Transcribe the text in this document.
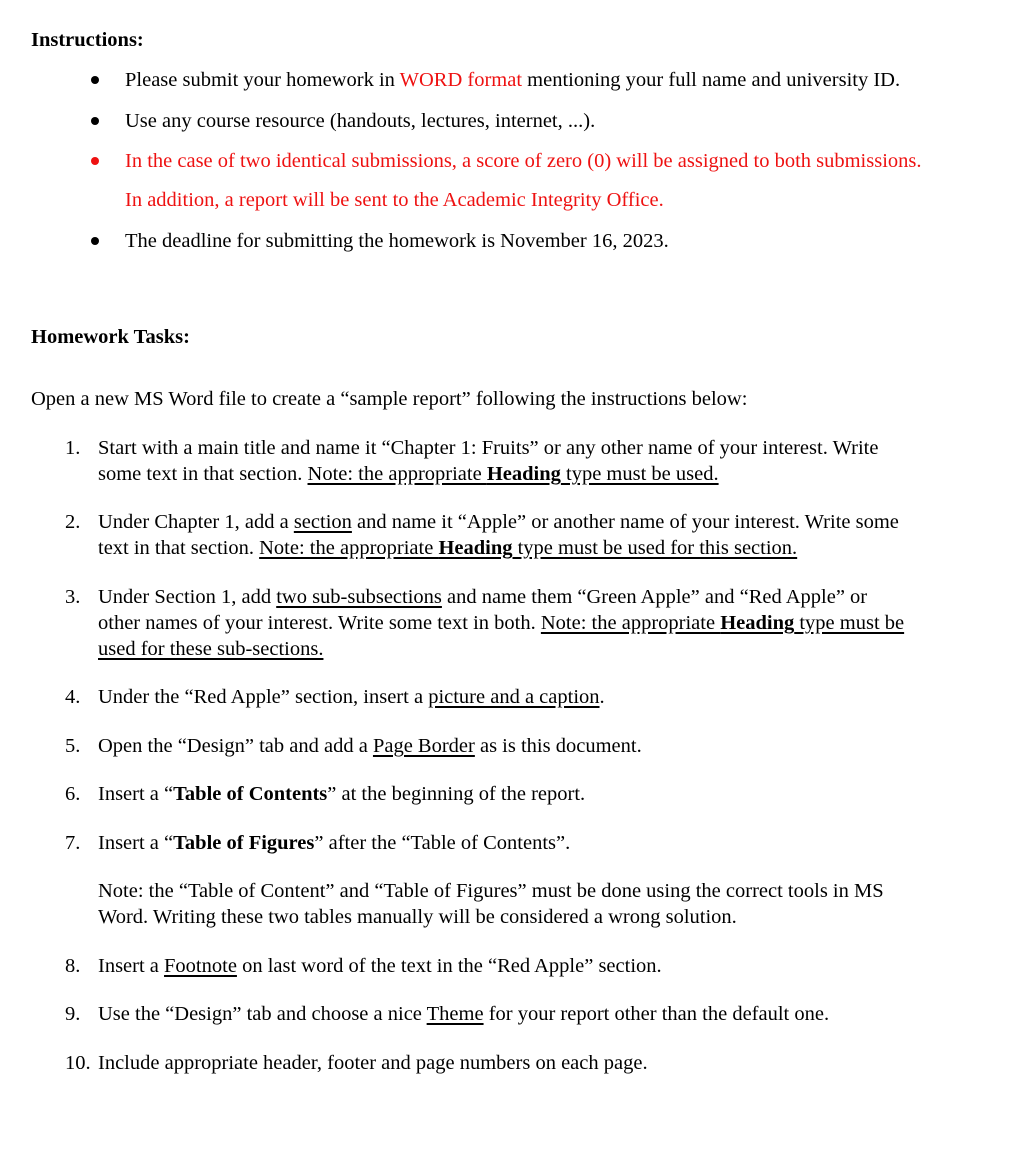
Instructions:
Please submit your homework in WORD format mentioning your full name and university ID.
Use any course resource (handouts, lectures, internet, ...).
In the case of two identical submissions, a score of zero (0) will be assigned to both submissions.
In addition, a report will be sent to the Academic Integrity Office.
The deadline for submitting the homework is November 16, 2023.
Homework Tasks:
Open a new MS Word file to create a “sample report” following the instructions below:
1. Start with a main title and name it “Chapter 1: Fruits” or any other name of your interest. Write
some text in that section. Note: the appropriate Heading type must be used.
2. Under Chapter 1, add a section and name it “Apple” or another name of your interest. Write some
text in that section. Note: the appropriate Heading type must be used for this section.
3. Under Section 1, add two sub-subsections and name them “Green Apple” and “Red Apple” or
other names of your interest. Write some text in both. Note: the appropriate Heading type must be
used for these sub-sections.
4. Under the “Red Apple” section, insert a picture and a caption.
5. Open the “Design” tab and add a Page Border as is this document.
6. Insert a “Table of Contents” at the beginning of the report.
7. Insert a “Table of Figures” after the “Table of Contents”.
Note: the “Table of Content” and “Table of Figures” must be done using the correct tools in MS
Word. Writing these two tables manually will be considered a wrong solution.
8. Insert a Footnote on last word of the text in the “Red Apple” section.
9. Use the “Design” tab and choose a nice Theme for your report other than the default one.
10. Include appropriate header, footer and page numbers on each page.
